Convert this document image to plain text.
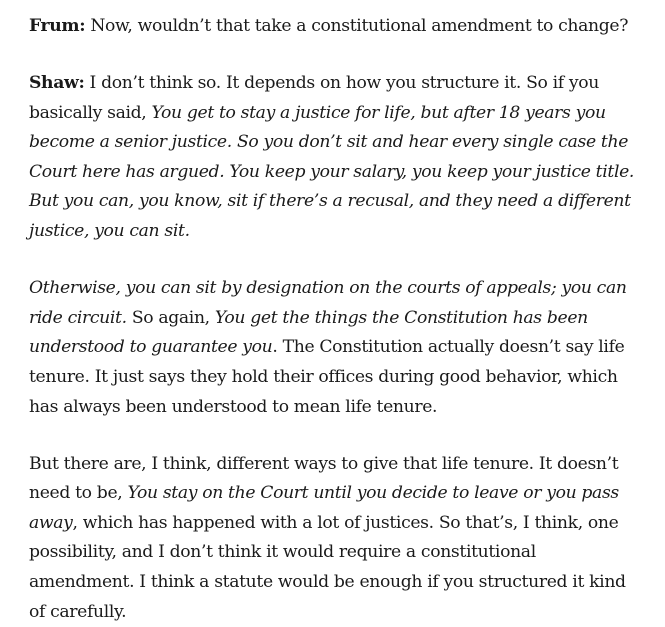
Frum: Now, wouldn’t that take a constitutional amendment to change?

Shaw: I don’t think so. It depends on how you structure it. So if you basically said, You get to stay a justice for life, but after 18 years you become a senior justice. So you don’t sit and hear every single case the Court here has argued. You keep your salary, you keep your justice title. But you can, you know, sit if there’s a recusal, and they need a different justice, you can sit.

Otherwise, you can sit by designation on the courts of appeals; you can ride circuit. So again, You get the things the Constitution has been understood to guarantee you. The Constitution actually doesn’t say life tenure. It just says they hold their offices during good behavior, which has always been understood to mean life tenure.

But there are, I think, different ways to give that life tenure. It doesn’t need to be, You stay on the Court until you decide to leave or you pass away, which has happened with a lot of justices. So that’s, I think, one possibility, and I don’t think it would require a constitutional amendment. I think a statute would be enough if you structured it kind of carefully.
